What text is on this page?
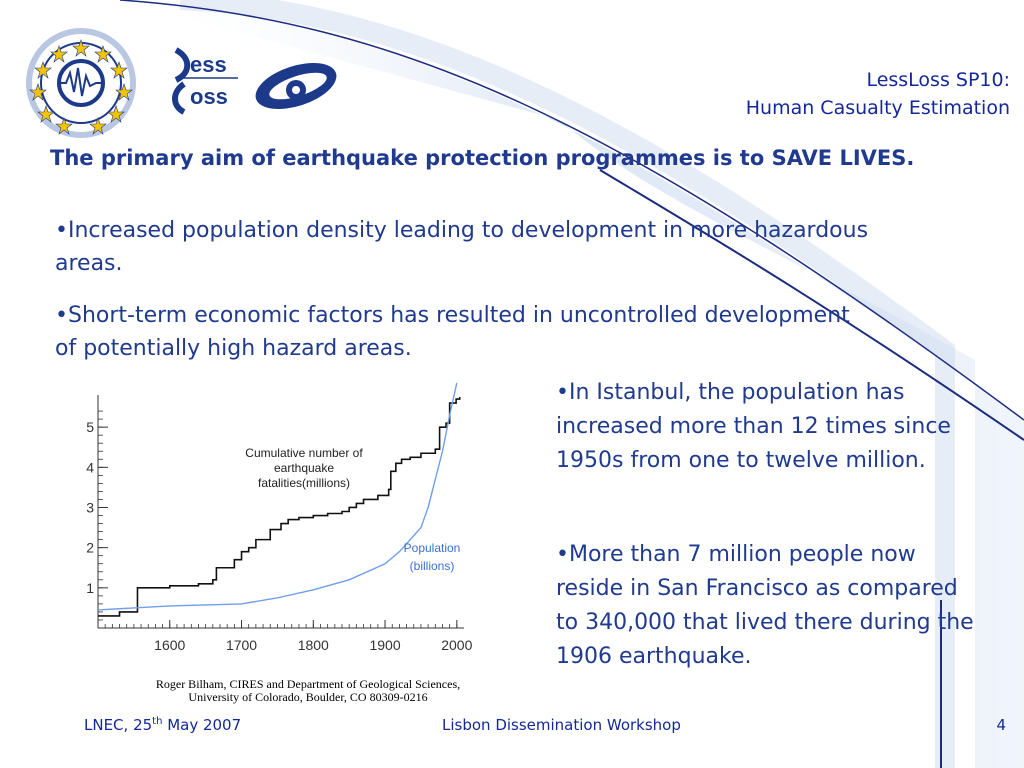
ess
oss
LessLoss SP10:
Human Casualty Estimation
The primary aim of earthquake protection programmes is to SAVE LIVES.
•Increased population density leading to development in more hazardous areas.
•Short-term economic factors has resulted in uncontrolled development of potentially high hazard areas.
•In Istanbul, the population has increased more than 12 times since 1950s from one to twelve million.
•More than 7 million people now reside in San Francisco as compared to 340,000 that lived there during the 1906 earthquake.
1
2
3
4
5
1600	1700	1800	1900	2000
Cumulative number of
earthquake
fatalities(millions)
Population
(billions)
Roger Bilham, CIRES and Department of Geological Sciences,
University of Colorado, Boulder, CO 80309-0216
LNEC, 25th May 2007	Lisbon Dissemination Workshop	4
